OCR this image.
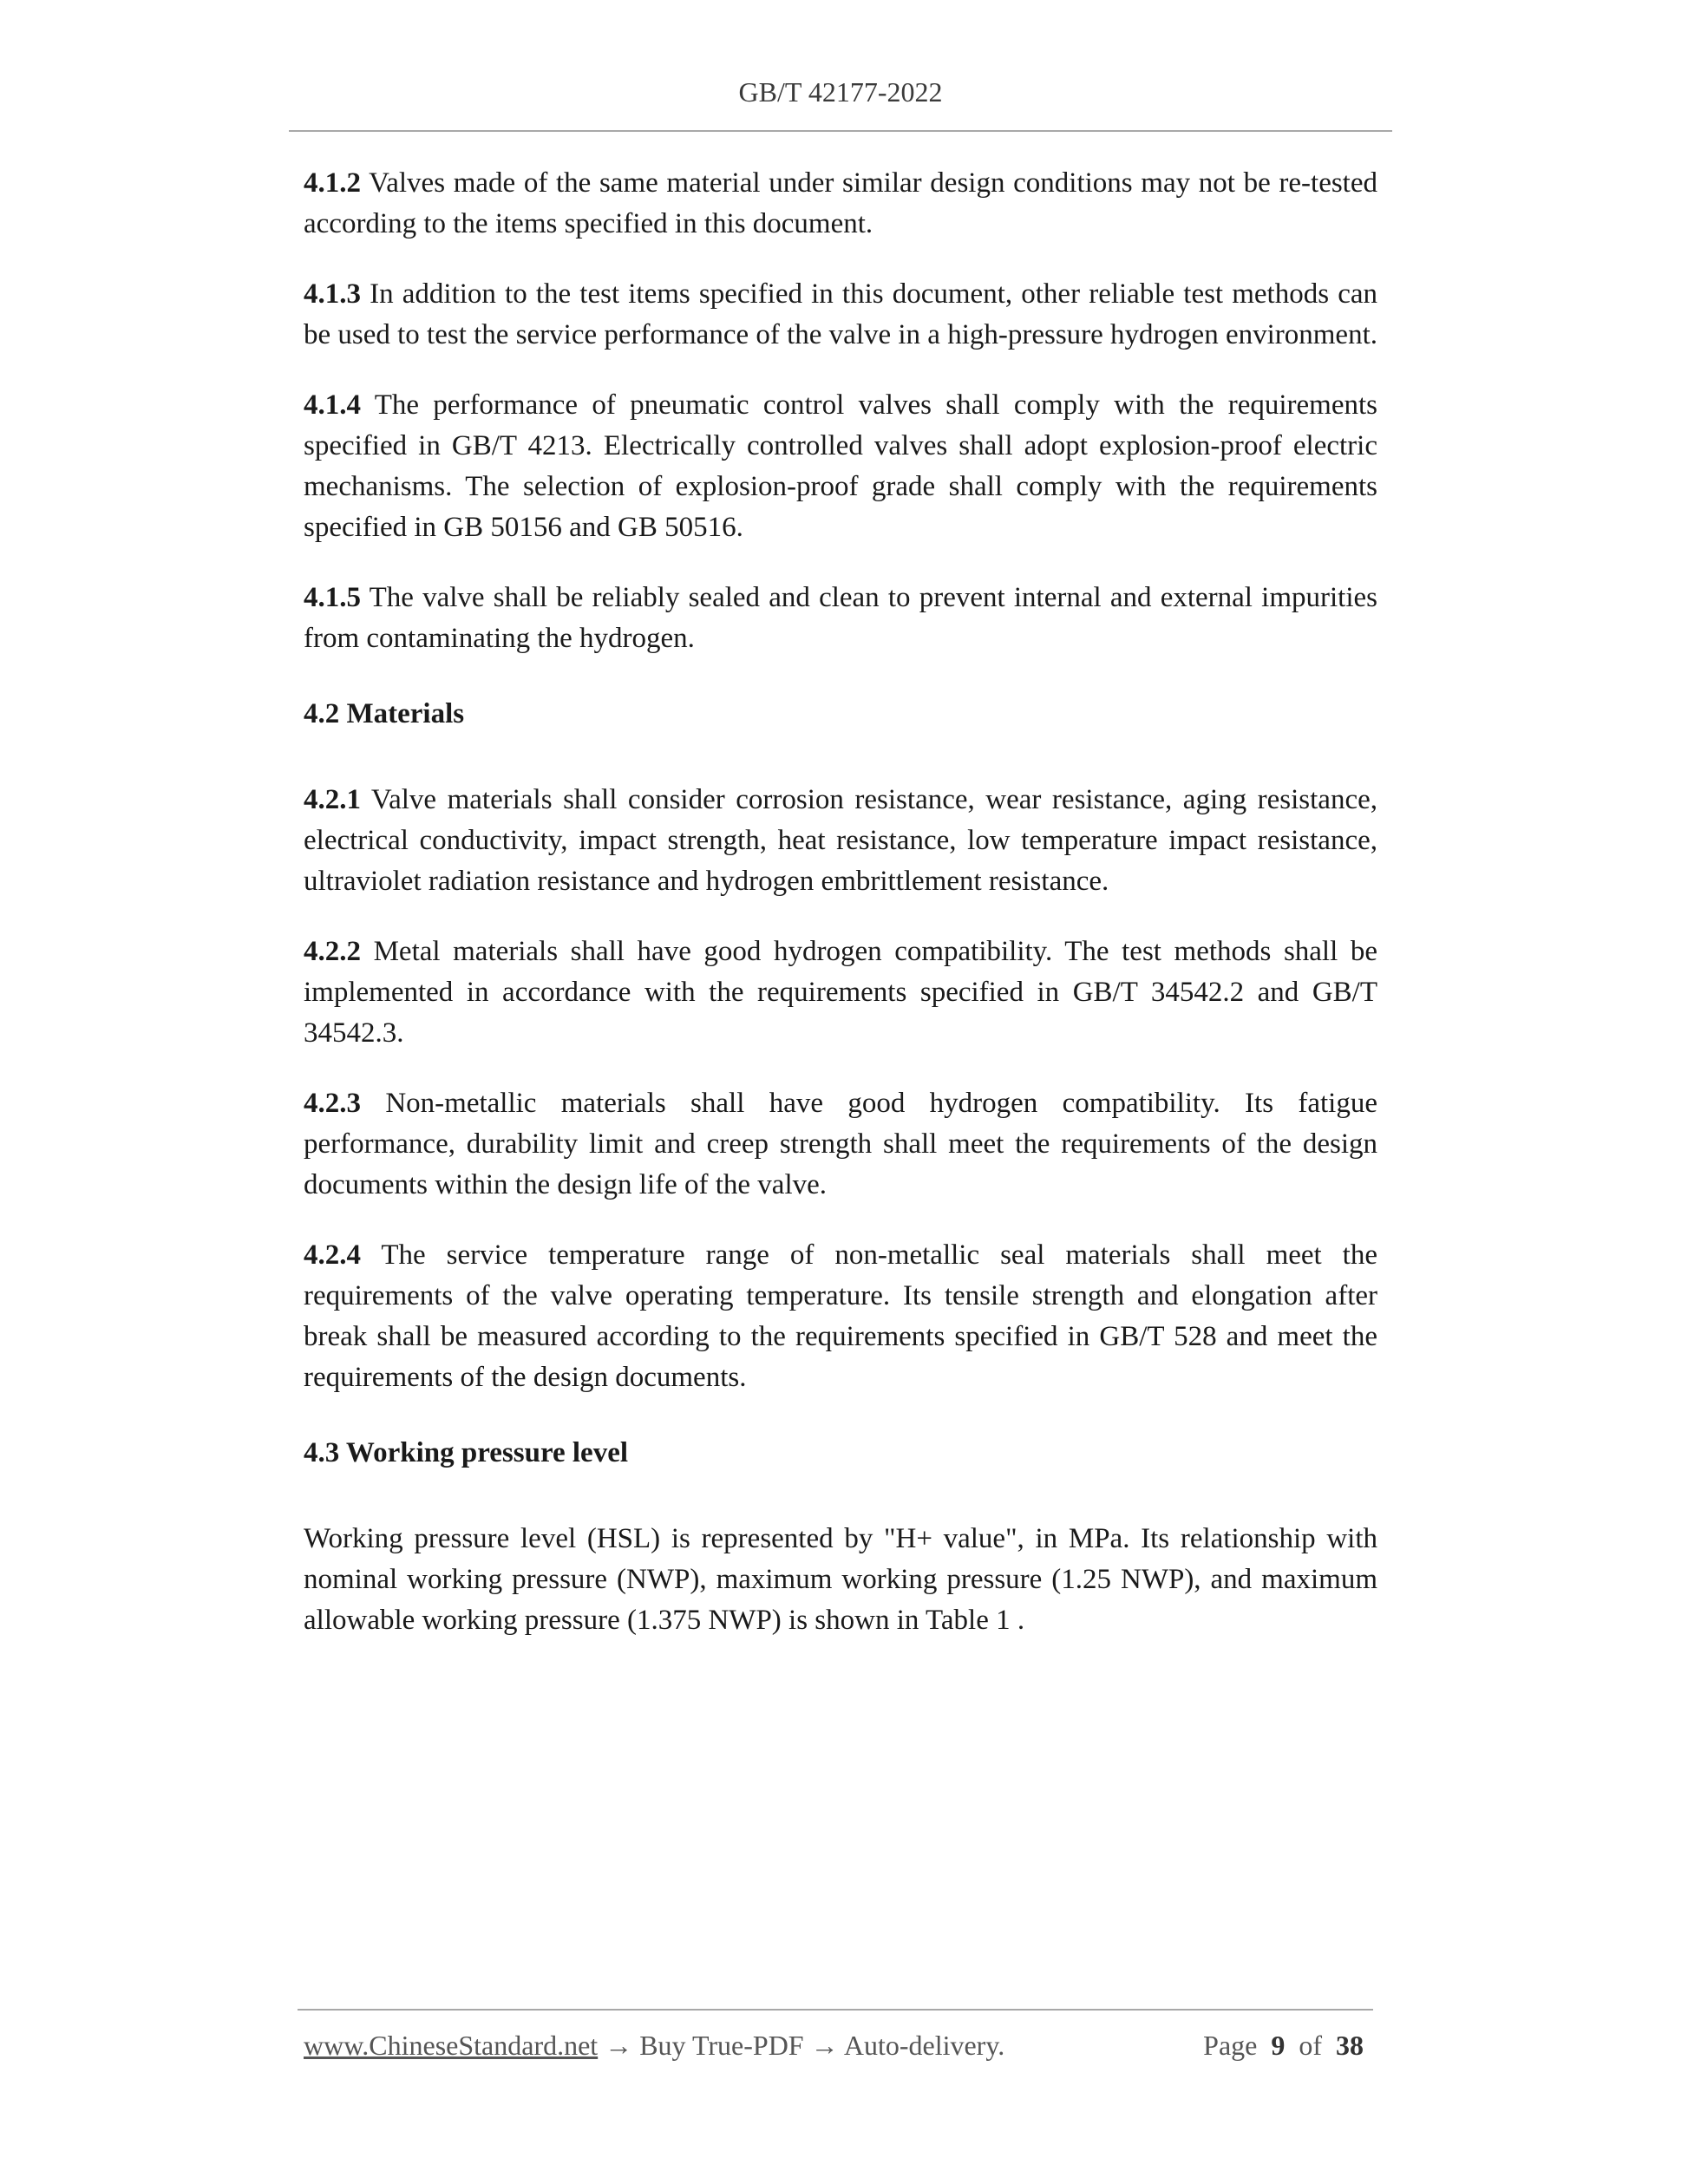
GB/T 42177-2022

4.1.2 Valves made of the same material under similar design conditions may not be re-tested according to the items specified in this document.

4.1.3 In addition to the test items specified in this document, other reliable test methods can be used to test the service performance of the valve in a high-pressure hydrogen environment.

4.1.4 The performance of pneumatic control valves shall comply with the requirements specified in GB/T 4213. Electrically controlled valves shall adopt explosion-proof electric mechanisms. The selection of explosion-proof grade shall comply with the requirements specified in GB 50156 and GB 50516.

4.1.5 The valve shall be reliably sealed and clean to prevent internal and external impurities from contaminating the hydrogen.

4.2 Materials

4.2.1 Valve materials shall consider corrosion resistance, wear resistance, aging resistance, electrical conductivity, impact strength, heat resistance, low temperature impact resistance, ultraviolet radiation resistance and hydrogen embrittlement resistance.

4.2.2 Metal materials shall have good hydrogen compatibility. The test methods shall be implemented in accordance with the requirements specified in GB/T 34542.2 and GB/T 34542.3.

4.2.3 Non-metallic materials shall have good hydrogen compatibility. Its fatigue performance, durability limit and creep strength shall meet the requirements of the design documents within the design life of the valve.

4.2.4 The service temperature range of non-metallic seal materials shall meet the requirements of the valve operating temperature. Its tensile strength and elongation after break shall be measured according to the requirements specified in GB/T 528 and meet the requirements of the design documents.

4.3 Working pressure level

Working pressure level (HSL) is represented by "H+ value", in MPa. Its relationship with nominal working pressure (NWP), maximum working pressure (1.25 NWP), and maximum allowable working pressure (1.375 NWP) is shown in Table 1 .

www.ChineseStandard.net → Buy True-PDF → Auto-delivery.	Page 9 of 38
